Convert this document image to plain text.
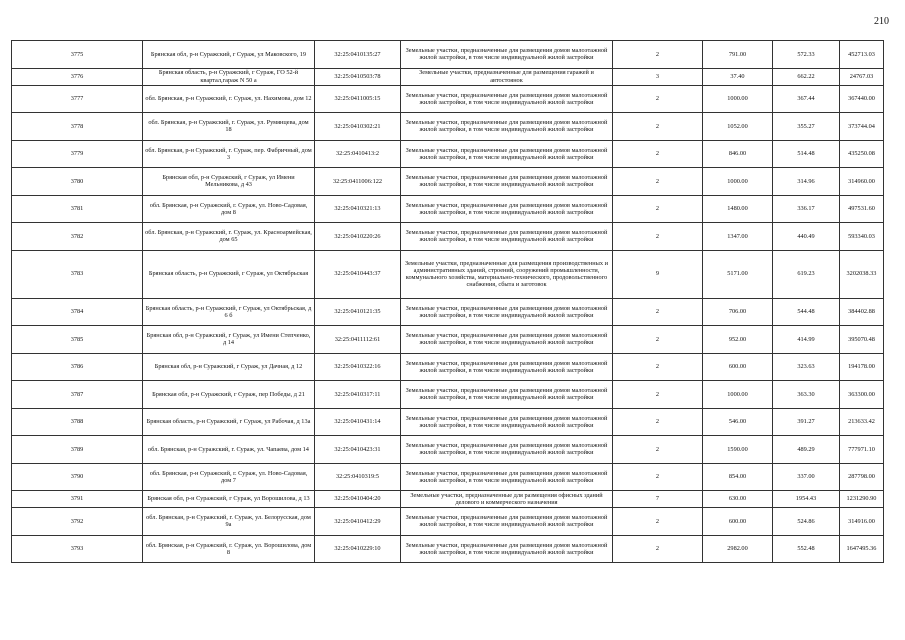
210
3775	Брянская обл, р-н Суражский, г Сураж, ул Маковского, 19	32:25:0410135:27	Земельные участки, предназначенные для размещения домов малоэтажной жилой застройки, в том числе индивидуальной жилой застройки	2	791.00	572.33	452713.03
3776	Брянская область, р-н Суражский, г Сураж, ГО 52-й квартал,гараж N 50 а	32:25:0410503:78	Земельные участки, предназначенные для размещения гаражей и автостоянок	3	37.40	662.22	24767.03
3777	обл. Брянская, р-н Суражский, г. Сураж, ул. Нахимова, дом 12	32:25:0411005:15	Земельные участки, предназначенные для размещения домов малоэтажной жилой застройки, в том числе индивидуальной жилой застройки	2	1000.00	367.44	367440.00
3778	обл. Брянская, р-н Суражский, г. Сураж, ул. Румянцева, дом 18	32:25:0410302:21	Земельные участки, предназначенные для размещения домов малоэтажной жилой застройки, в том числе индивидуальной жилой застройки	2	1052.00	355.27	373744.04
3779	обл. Брянская, р-н Суражский, г. Сураж, пер. Фабричный, дом 3	32:25:0410413:2	Земельные участки, предназначенные для размещения домов малоэтажной жилой застройки, в том числе индивидуальной жилой застройки	2	846.00	514.48	435250.08
3780	Брянская обл, р-н Суражский, г Сураж, ул Имени Мельникова, д 43	32:25:0411006:122	Земельные участки, предназначенные для размещения домов малоэтажной жилой застройки, в том числе индивидуальной жилой застройки	2	1000.00	314.96	314960.00
3781	обл. Брянская, р-н Суражский, г. Сураж, ул. Ново-Садовая, дом 8	32:25:0410321:13	Земельные участки, предназначенные для размещения домов малоэтажной жилой застройки, в том числе индивидуальной жилой застройки	2	1480.00	336.17	497531.60
3782	обл. Брянская, р-н Суражский, г. Сураж, ул. Красноармейская, дом 65	32:25:0410220:26	Земельные участки, предназначенные для размещения домов малоэтажной жилой застройки, в том числе индивидуальной жилой застройки	2	1347.00	440.49	593340.03
3783	Брянская область, р-н Суражский, г Сураж, ул Октябрьская	32:25:0410443:37	Земельные участки, предназначенные для размещения производственных и административных зданий, строений, сооружений промышленности, коммунального хозяйства, материально-технического, продовольственного снабжения, сбыта и заготовок	9	5171.00	619.23	3202038.33
3784	Брянская область, р-н Суражский, г Сураж, ул Октябрьская, д 6 б	32:25:0410121:35	Земельные участки, предназначенные для размещения домов малоэтажной жилой застройки, в том числе индивидуальной жилой застройки	2	706.00	544.48	384402.88
3785	Брянская обл, р-н Суражский, г Сураж, ул Имени Степченко, д 14	32:25:0411112:61	Земельные участки, предназначенные для размещения домов малоэтажной жилой застройки, в том числе индивидуальной жилой застройки	2	952.00	414.99	395070.48
3786	Брянская обл, р-н Суражский, г Сураж, ул Дачная, д 12	32:25:0410322:16	Земельные участки, предназначенные для размещения домов малоэтажной жилой застройки, в том числе индивидуальной жилой застройки	2	600.00	323.63	194178.00
3787	Брянская обл, р-н Суражский, г Сураж, пер Победы, д 21	32:25:0410317:11	Земельные участки, предназначенные для размещения домов малоэтажной жилой застройки, в том числе индивидуальной жилой застройки	2	1000.00	363.30	363300.00
3788	Брянская область, р-н Суражский, г Сураж, ул Рабочая, д 13а	32:25:0410431:14	Земельные участки, предназначенные для размещения домов малоэтажной жилой застройки, в том числе индивидуальной жилой застройки	2	546.00	391.27	213633.42
3789	обл. Брянская, р-н Суражский, г. Сураж, ул. Чапаева, дом 14	32:25:0410423:31	Земельные участки, предназначенные для размещения домов малоэтажной жилой застройки, в том числе индивидуальной жилой застройки	2	1590.00	489.29	777971.10
3790	обл. Брянская, р-н Суражский, г. Сураж, ул. Ново-Садовая, дом 7	32:25:0410319:5	Земельные участки, предназначенные для размещения домов малоэтажной жилой застройки, в том числе индивидуальной жилой застройки	2	854.00	337.00	287798.00
3791	Брянская обл, р-н Суражский, г Сураж, ул Ворошилова, д 13	32:25:0410404:20	Земельные участки, предназначенные для размещения офисных зданий делового и коммерческого назначения	7	630.00	1954.43	1231290.90
3792	обл. Брянская, р-н Суражский, г. Сураж, ул. Белорусская, дом 9а	32:25:0410412:29	Земельные участки, предназначенные для размещения домов малоэтажной жилой застройки, в том числе индивидуальной жилой застройки	2	600.00	524.86	314916.00
3793	обл. Брянская, р-н Суражский, г. Сураж, ул. Ворошилова, дом 8	32:25:0410229:10	Земельные участки, предназначенные для размещения домов малоэтажной жилой застройки, в том числе индивидуальной жилой застройки	2	2982.00	552.48	1647495.36
